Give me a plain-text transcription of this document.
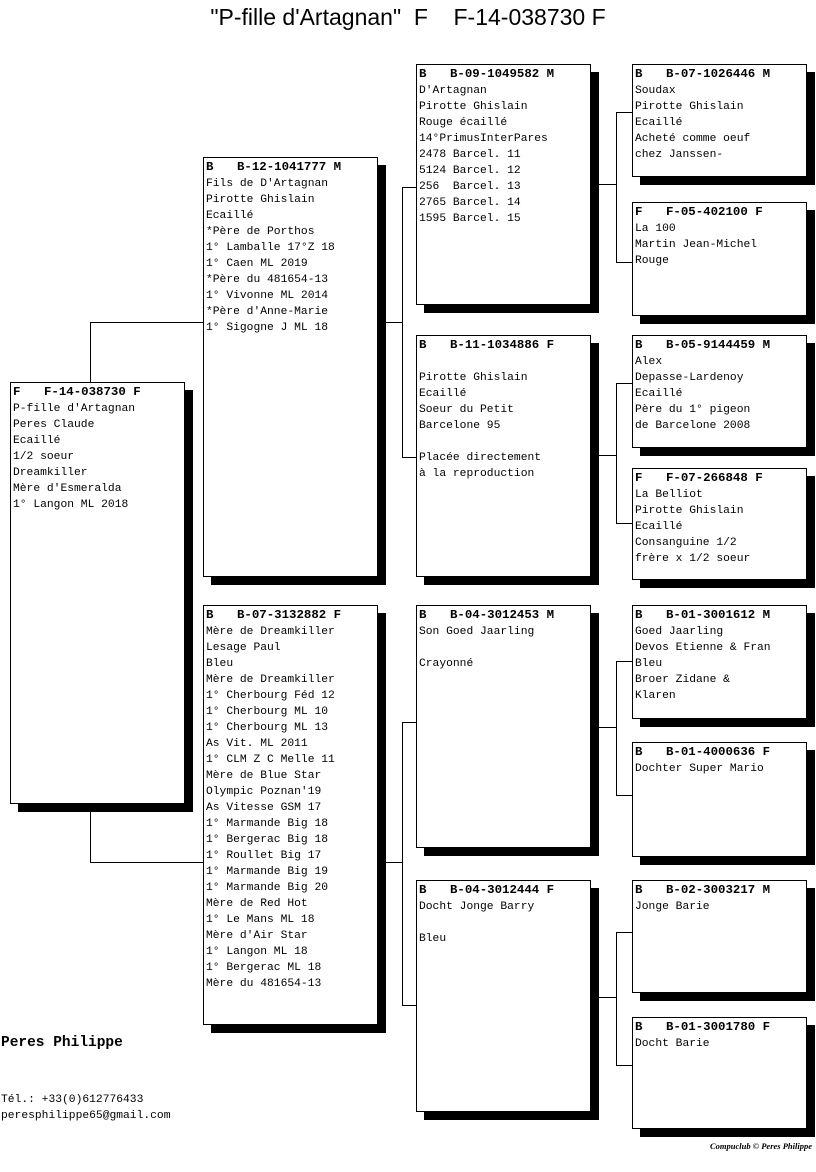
"P-fille d'Artagnan"  F    F-14-038730 F
F	F-14-038730 F
P-fille d'Artagnan
Peres Claude
Ecaillé
1/2 soeur
Dreamkiller
Mère d'Esmeralda
1° Langon ML 2018
B	B-12-1041777 M
Fils de D'Artagnan
Pirotte Ghislain
Ecaillé
*Père de Porthos
1° Lamballe 17°Z 18
1° Caen ML 2019
*Père du 481654-13
1° Vivonne ML 2014
*Père d'Anne-Marie
1° Sigogne J ML 18
B	B-07-3132882 F
Mère de Dreamkiller
Lesage Paul
Bleu
Mère de Dreamkiller
1° Cherbourg Féd 12
1° Cherbourg ML 10
1° Cherbourg ML 13
As Vit. ML 2011
1° CLM Z C Melle 11
Mère de Blue Star
Olympic Poznan'19
As Vitesse GSM 17
1° Marmande Big 18
1° Bergerac Big 18
1° Roullet Big 17
1° Marmande Big 19
1° Marmande Big 20
Mère de Red Hot
1° Le Mans ML 18
Mère d'Air Star
1° Langon ML 18
1° Bergerac ML 18
Mère du 481654-13
B	B-09-1049582 M
D'Artagnan
Pirotte Ghislain
Rouge écaillé
14°PrimusInterPares
2478 Barcel. 11
5124 Barcel. 12
256  Barcel. 13
2765 Barcel. 14
1595 Barcel. 15
B	B-11-1034886 F
Pirotte Ghislain
Ecaillé
Soeur du Petit
Barcelone 95
Placée directement
à la reproduction
B	B-04-3012453 M
Son Goed Jaarling
Crayonné
B	B-04-3012444 F
Docht Jonge Barry
Bleu
B	B-07-1026446 M
Soudax
Pirotte Ghislain
Ecaillé
Acheté comme oeuf
chez Janssen-
F	F-05-402100 F
La 100
Martin Jean-Michel
Rouge
B	B-05-9144459 M
Alex
Depasse-Lardenoy
Ecaillé
Père du 1° pigeon
de Barcelone 2008
F	F-07-266848 F
La Belliot
Pirotte Ghislain
Ecaillé
Consanguine 1/2
frère x 1/2 soeur
B	B-01-3001612 M
Goed Jaarling
Devos Etienne & Fran
Bleu
Broer Zidane &
Klaren
B	B-01-4000636 F
Dochter Super Mario
B	B-02-3003217 M
Jonge Barie
B	B-01-3001780 F
Docht Barie
Peres Philippe
Tél.: +33(0)612776433
peresphilippe65@gmail.com
Compuclub © Peres Philippe
